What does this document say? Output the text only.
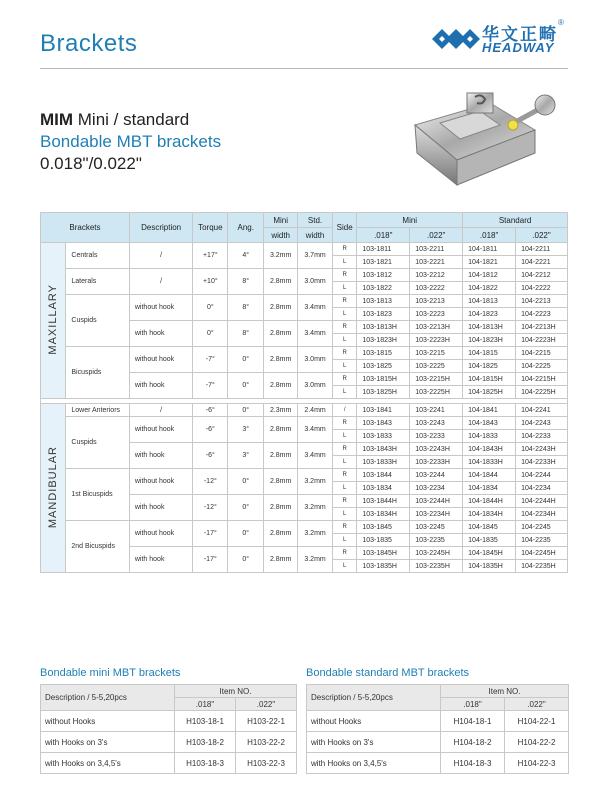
Brackets	华文正畸
HEADWAY
®
MIM Mini / standard
Bondable MBT brackets
0.018"/0.022"
Brackets		Description	Torque	Ang.	Mini	Std.	Side	Mini		Standard	
					width	width		.018"	.022"	.018"	.022"
MAXILLARY	Centrals	/	+17°	4°	3.2mm	3.7mm	R	103-1811	103-2211	104-1811	104-2211
							L	103-1821	103-2221	104-1821	104-2221
	Laterals	/	+10°	8°	2.8mm	3.0mm	R	103-1812	103-2212	104-1812	104-2212
							L	103-1822	103-2222	104-1822	104-2222
	Cuspids	without hook	0°	8°	2.8mm	3.4mm	R	103-1813	103-2213	104-1813	104-2213
							L	103-1823	103-2223	104-1823	104-2223
		with hook	0°	8°	2.8mm	3.4mm	R	103-1813H	103-2213H	104-1813H	104-2213H
							L	103-1823H	103-2223H	104-1823H	104-2223H
	Bicuspids	without hook	-7°	0°	2.8mm	3.0mm	R	103-1815	103-2215	104-1815	104-2215
							L	103-1825	103-2225	104-1825	104-2225
		with hook	-7°	0°	2.8mm	3.0mm	R	103-1815H	103-2215H	104-1815H	104-2215H
							L	103-1825H	103-2225H	104-1825H	104-2225H

MANDIBULAR	Lower Anteriors	/	-6°	0°	2.3mm	2.4mm	/	103-1841	103-2241	104-1841	104-2241
	Cuspids	without hook	-6°	3°	2.8mm	3.4mm	R	103-1843	103-2243	104-1843	104-2243
							L	103-1833	103-2233	104-1833	104-2233
		with hook	-6°	3°	2.8mm	3.4mm	R	103-1843H	103-2243H	104-1843H	104-2243H
							L	103-1833H	103-2233H	104-1833H	104-2233H
	1st Bicuspids	without hook	-12°	0°	2.8mm	3.2mm	R	103-1844	103-2244	104-1844	104-2244
							L	103-1834	103-2234	104-1834	104-2234
		with hook	-12°	0°	2.8mm	3.2mm	R	103-1844H	103-2244H	104-1844H	104-2244H
							L	103-1834H	103-2234H	104-1834H	104-2234H
	2nd Bicuspids	without hook	-17°	0°	2.8mm	3.2mm	R	103-1845	103-2245	104-1845	104-2245
							L	103-1835	103-2235	104-1835	104-2235
		with hook	-17°	0°	2.8mm	3.2mm	R	103-1845H	103-2245H	104-1845H	104-2245H
							L	103-1835H	103-2235H	104-1835H	104-2235H
Bondable mini MBT brackets
Description / 5-5,20pcs	Item NO.	
	.018"	.022"
without Hooks	H103-18-1	H103-22-1
with Hooks on 3's	H103-18-2	H103-22-2
with Hooks on 3,4,5's	H103-18-3	H103-22-3
Bondable standard MBT brackets
Description / 5-5,20pcs	Item NO.	
	.018"	.022"
without Hooks	H104-18-1	H104-22-1
with Hooks on 3's	H104-18-2	H104-22-2
with Hooks on 3,4,5's	H104-18-3	H104-22-3
